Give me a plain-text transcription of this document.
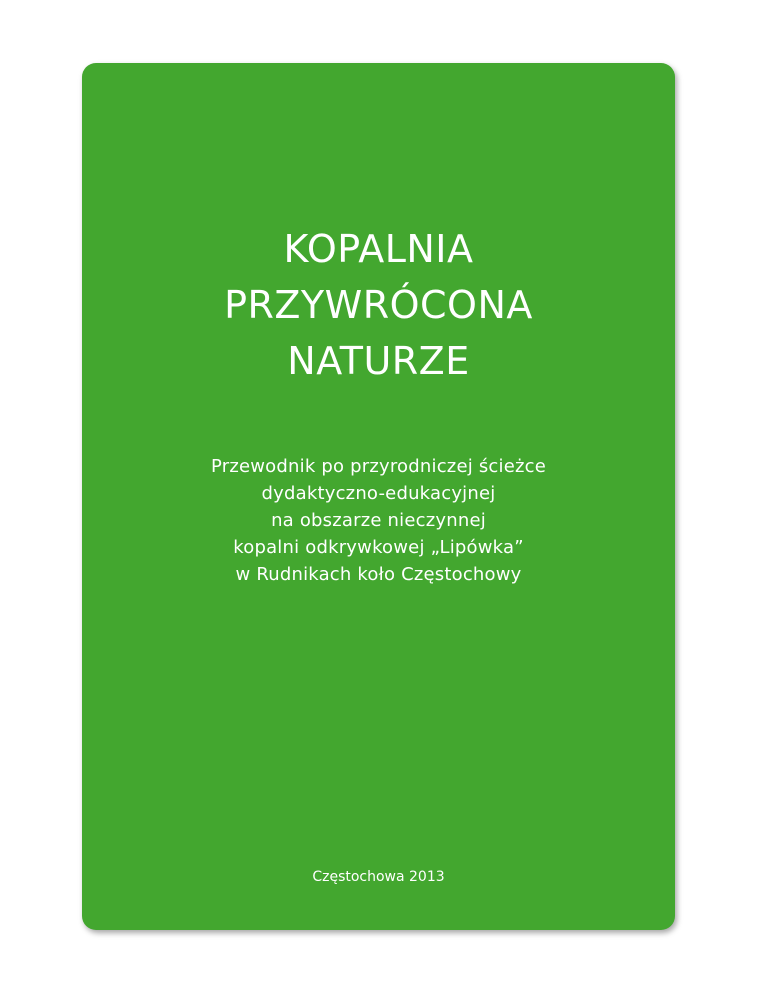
KOPALNIA
PRZYWRÓCONA
NATURZE
Przewodnik po przyrodniczej ścieżce
dydaktyczno-edukacyjnej
na obszarze nieczynnej
kopalni odkrywkowej „Lipówka”
w Rudnikach koło Częstochowy
Częstochowa 2013
